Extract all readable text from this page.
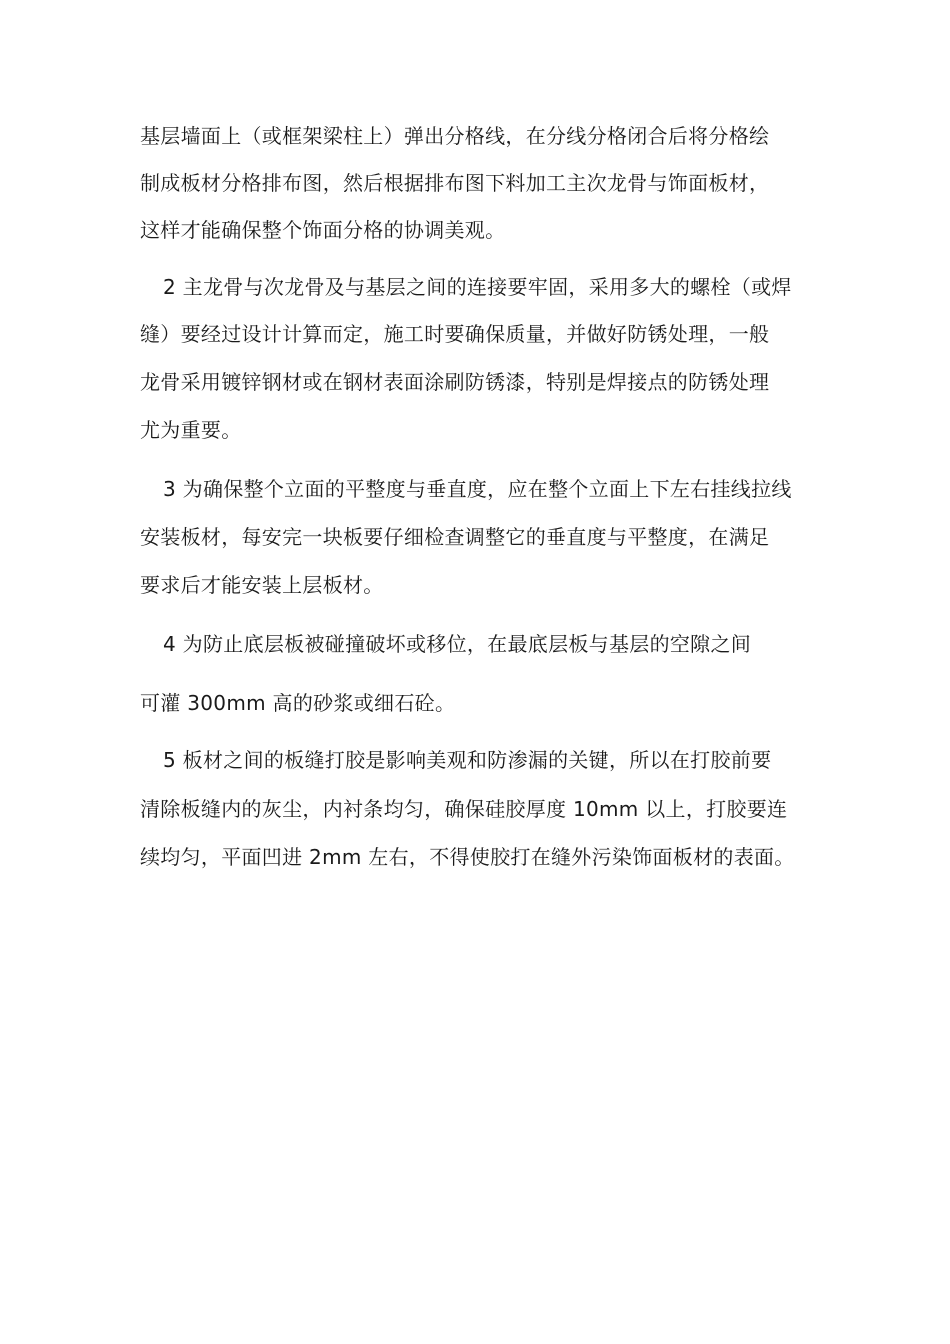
基层墙面上（或框架梁柱上）弹出分格线，在分线分格闭合后将分格绘
制成板材分格排布图，然后根据排布图下料加工主次龙骨与饰面板材，
这样才能确保整个饰面分格的协调美观。
2 主龙骨与次龙骨及与基层之间的连接要牢固，采用多大的螺栓（或焊
缝）要经过设计计算而定，施工时要确保质量，并做好防锈处理，一般
龙骨采用镀锌钢材或在钢材表面涂刷防锈漆，特别是焊接点的防锈处理
尤为重要。
3 为确保整个立面的平整度与垂直度，应在整个立面上下左右挂线拉线
安装板材，每安完一块板要仔细检查调整它的垂直度与平整度，在满足
要求后才能安装上层板材。
4 为防止底层板被碰撞破坏或移位，在最底层板与基层的空隙之间
可灌 300mm 高的砂浆或细石砼。
5 板材之间的板缝打胶是影响美观和防渗漏的关键，所以在打胶前要
清除板缝内的灰尘，内衬条均匀，确保硅胶厚度 10mm 以上，打胶要连
续均匀，平面凹进 2mm 左右，不得使胶打在缝外污染饰面板材的表面。
